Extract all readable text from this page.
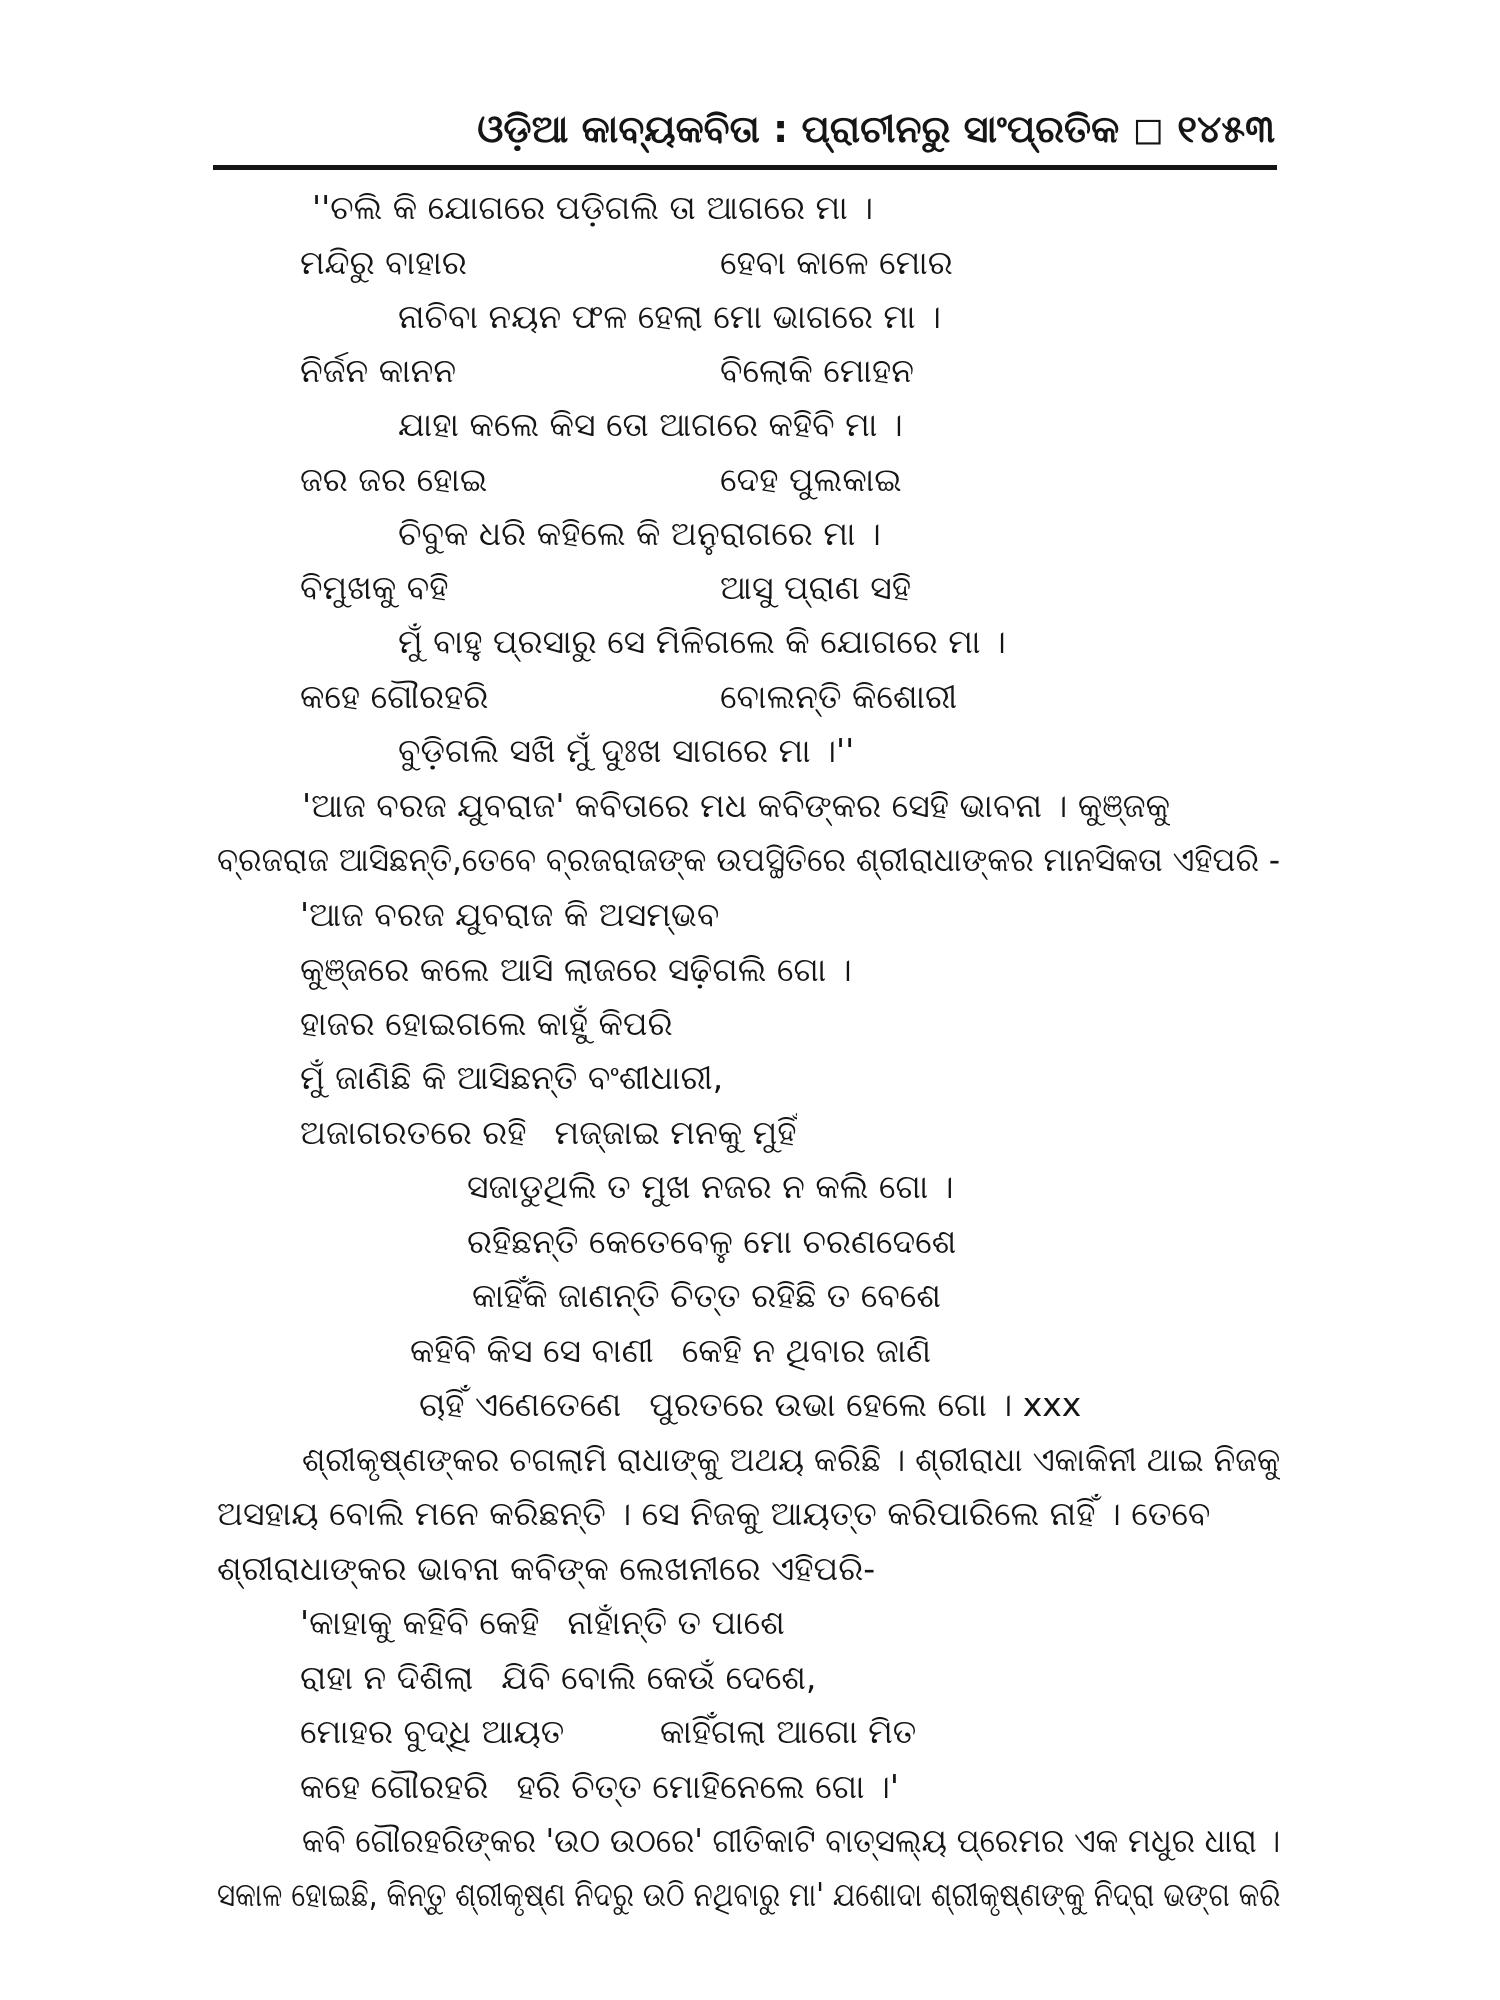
ଓଡ଼ିଆ କାବ୍ୟକବିତା : ପ୍ରାଚୀନରୁ ସାଂପ୍ରତିକ ◻ ୧୪୫୩
''ଚଲି କି ଯୋଗରେ ପଡ଼ିଗଲି ତା ଆଗରେ ମା ।
ମନ୍ଦିରୁ ବାହାର	ହେବା କାଳେ ମୋର
ନାଚିବା ନୟନ ଫଳ ହେଲା ମୋ ଭାଗରେ ମା ।
ନିର୍ଜନ କାନନ	ବିଲୋକି ମୋହନ
ଯାହା କଲେ କିସ ତୋ ଆଗରେ କହିବି ମା ।
ଜର ଜର ହୋଇ	ଦେହ ପୁଲକାଇ
ଚିବୁକ ଧରି କହିଲେ କି ଅନୁରାଗରେ ମା ।
ବିମୁଖକୁ ବହି	ଆସୁ ପ୍ରାଣ ସହି
ମୁଁ ବାହୁ ପ୍ରସାରୁ ସେ ମିଳିଗଲେ କି ଯୋଗରେ ମା ।
କହେ ଗୌରହରି	ବୋଲନ୍ତି କିଶୋରୀ
ବୁଡ଼ିଗଲି ସଖି ମୁଁ ଦୁଃଖ ସାଗରେ ମା ।''
'ଆଜ ବରଜ ଯୁବରାଜ' କବିତାରେ ମଧ କବିଙ୍କର ସେହି ଭାବନା । କୁଞ୍ଜକୁ
ବ୍ରଜରାଜ ଆସିଛନ୍ତି,ତେବେ ବ୍ରଜରାଜଙ୍କ ଉପସ୍ଥିତିରେ ଶ୍ରୀରାଧାଙ୍କର ମାନସିକତା ଏହିପରି -
'ଆଜ ବରଜ ଯୁବରାଜ କି ଅସମ୍ଭବ
କୁଞ୍ଜରେ କଲେ ଆସି ଲାଜରେ ସଢ଼ିଗଲି ଗୋ ।
ହାଜର ହୋଇଗଲେ କାହୁଁ କିପରି
ମୁଁ ଜାଣିଛି କି ଆସିଛନ୍ତି ବଂଶୀଧାରୀ,
ଅଜାଗରତରେ ରହି ମଜ୍ଜାଇ ମନକୁ ମୁହିଁ
ସଜାଡୁଥିଲି ତ ମୁଖ ନଜର ନ କଲି ଗୋ ।
ରହିଛନ୍ତି କେତେବେଳୁ ମୋ ଚରଣଦେଶେ
କାହିଁକି ଜାଣନ୍ତି ଚିତ୍ତ ରହିଛି ତ ବେଶେ
କହିବି କିସ ସେ ବାଣୀ କେହି ନ ଥିବାର ଜାଣି
ଚାହିଁ ଏଣେତେଣେ ପୁରତରେ ଉଭା ହେଲେ ଗୋ । xxx
ଶ୍ରୀକୃଷ୍ଣଙ୍କର ଚଗଲାମି ରାଧାଙ୍କୁ ଅଥୟ କରିଛି । ଶ୍ରୀରାଧା ଏକାକିନୀ ଥାଇ ନିଜକୁ
ଅସହାୟ ବୋଲି ମନେ କରିଛନ୍ତି । ସେ ନିଜକୁ ଆୟତ୍ତ କରିପାରିଲେ ନାହିଁ । ତେବେ
ଶ୍ରୀରାଧାଙ୍କର ଭାବନା କବିଙ୍କ ଲେଖନୀରେ ଏହିପରି-
'କାହାକୁ କହିବି କେହି ନାହାଁନ୍ତି ତ ପାଶେ
ରାହା ନ ଦିଶିଲା ଯିବି ବୋଲି କେଉଁ ଦେଶେ,
ମୋହର ବୁଦ୍ଧି ଆୟତ	କାହିଁଗଲା ଆଗୋ ମିତ
କହେ ଗୌରହରି ହରି ଚିତ୍ତ ମୋହିନେଲେ ଗୋ ।'
କବି ଗୌରହରିଙ୍କର 'ଉଠ ଉଠରେ' ଗୀତିକାଟି ବାତ୍ସଲ୍ୟ ପ୍ରେମର ଏକ ମଧୁର ଧାରା ।
ସକାଳ ହୋଇଛି, କିନ୍ତୁ ଶ୍ରୀକୃଷ୍ଣ ନିଦରୁ ଉଠି ନଥିବାରୁ ମା' ଯଶୋଦା ଶ୍ରୀକୃଷ୍ଣଙ୍କୁ ନିଦ୍ରା ଭଙ୍ଗ କରି
